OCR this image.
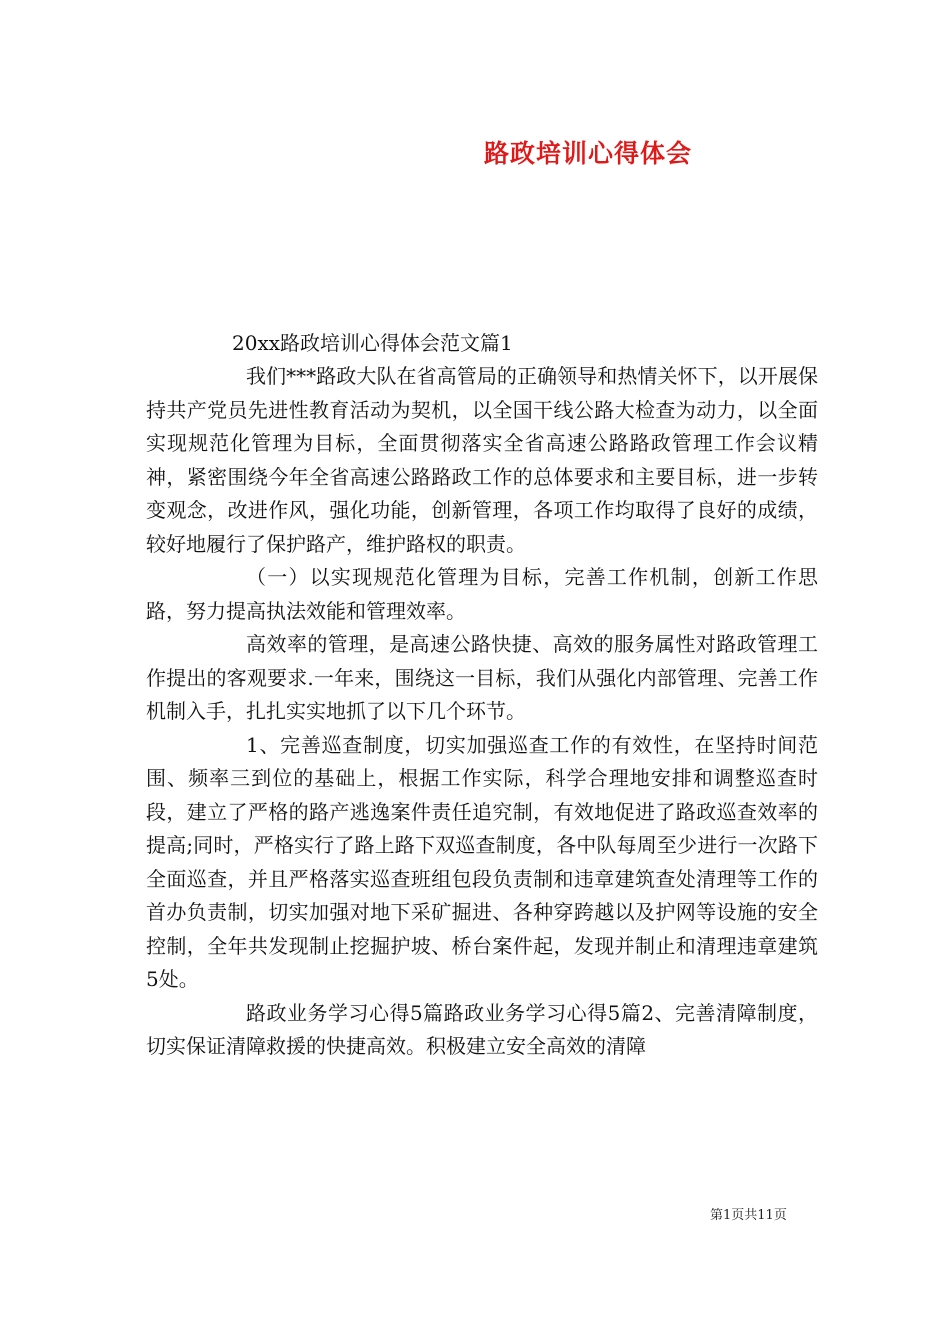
路政培训心得体会
20xx路政培训心得体会范文篇1

我们***路政大队在省高管局的正确领导和热情关怀下，以开展保持共产党员先进性教育活动为契机，以全国干线公路大检查为动力，以全面实现规范化管理为目标，全面贯彻落实全省高速公路路政管理工作会议精神，紧密围绕今年全省高速公路路政工作的总体要求和主要目标，进一步转变观念，改进作风，强化功能，创新管理，各项工作均取得了良好的成绩，较好地履行了保护路产，维护路权的职责。

（一）以实现规范化管理为目标，完善工作机制，创新工作思路，努力提高执法效能和管理效率。

高效率的管理，是高速公路快捷、高效的服务属性对路政管理工作提出的客观要求.一年来，围绕这一目标，我们从强化内部管理、完善工作机制入手，扎扎实实地抓了以下几个环节。

1、完善巡查制度，切实加强巡查工作的有效性，在坚持时间范围、频率三到位的基础上，根据工作实际，科学合理地安排和调整巡查时段，建立了严格的路产逃逸案件责任追究制，有效地促进了路政巡查效率的提高;同时，严格实行了路上路下双巡查制度，各中队每周至少进行一次路下全面巡查，并且严格落实巡查班组包段负责制和违章建筑查处清理等工作的首办负责制，切实加强对地下采矿掘进、各种穿跨越以及护网等设施的安全控制，全年共发现制止挖掘护坡、桥台案件起，发现并制止和清理违章建筑5处。

路政业务学习心得5篇路政业务学习心得5篇2、完善清障制度，切实保证清障救援的快捷高效。积极建立安全高效的清障

第1页共11页
